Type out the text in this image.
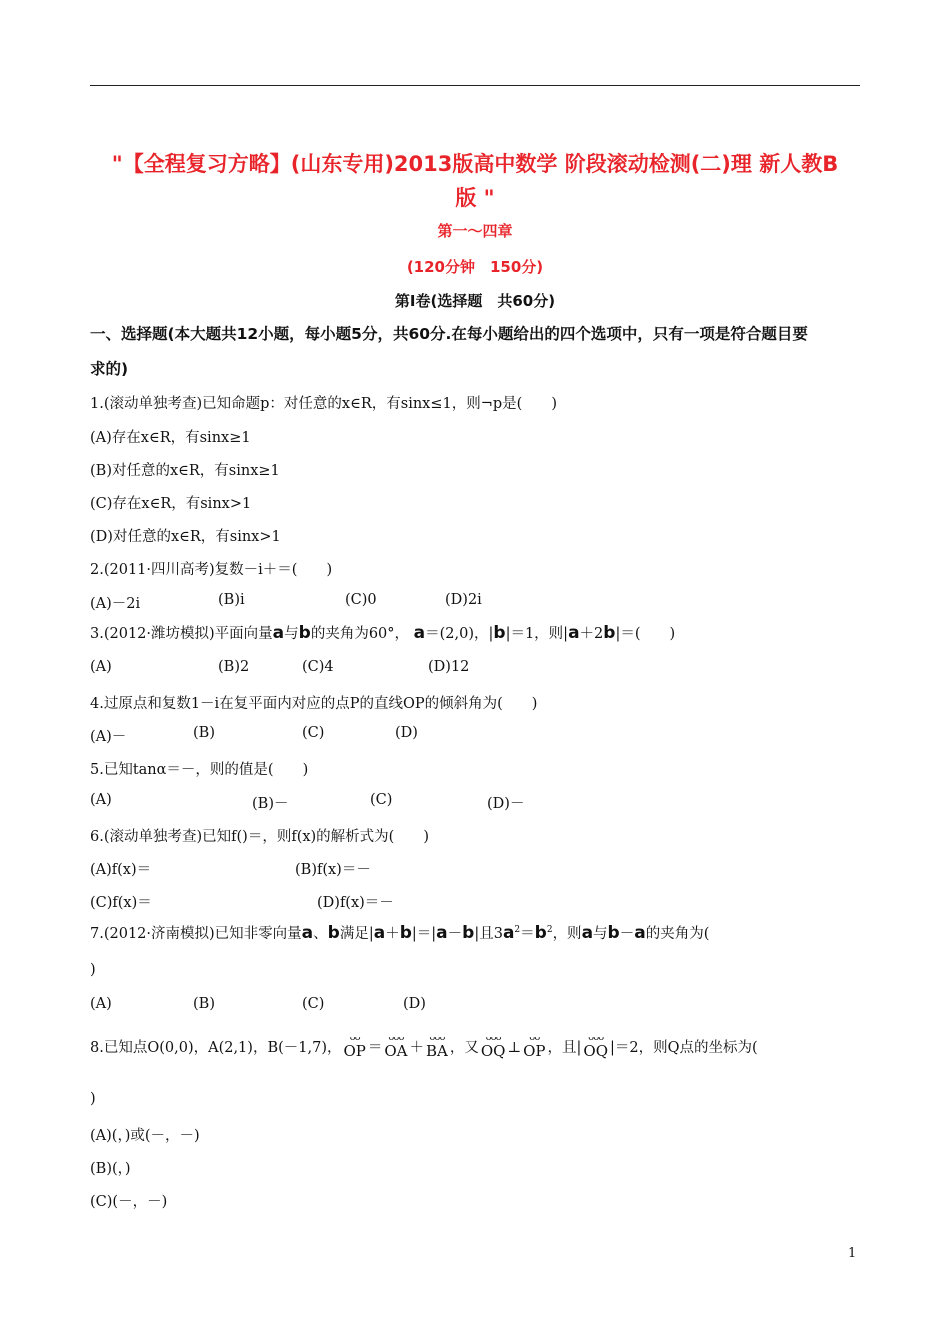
"【全程复习方略】(山东专用)2013版高中数学 阶段滚动检测(二)理 新人教B
版 "
第一～四章
(120分钟　150分)
第Ⅰ卷(选择题　共60分)
一、选择题(本大题共12小题，每小题5分，共60分.在每小题给出的四个选项中，只有一项是符合题目要
求的)
1.(滚动单独考查)已知命题p：对任意的x∈R，有sinx≤1，则¬p是(　　)
(A)存在x∈R，有sinx≥1
(B)对任意的x∈R，有sinx≥1
(C)存在x∈R，有sinx>1
(D)对任意的x∈R，有sinx>1
2.(2011·四川高考)复数－i＋＝(　　)
(A)－2i	(B)i	(C)0	(D)2i
3.(2012·潍坊模拟)平面向量a与b的夹角为60°， a＝(2,0)，|b|＝1，则|a＋2b|＝(　　)
(A)	(B)2	(C)4	(D)12
4.过原点和复数1－i在复平面内对应的点P的直线OP的倾斜角为(　　)
(A)－	(B)	(C)	(D)
5.已知tanα＝－，则的值是(　　)
(A)	(B)－	(C)	(D)－
6.(滚动单独考查)已知f()＝，则f(x)的解析式为(　　)
(A)f(x)＝	(B)f(x)＝－
(C)f(x)＝	(D)f(x)＝－
7.(2012·济南模拟)已知非零向量a、b满足|a＋b|＝|a－b|且$3a^2=b^2$，则a与b－a的夹角为(
)
(A)	(B)	(C)	(D)
8.已知点O(0,0)，A(2,1)，B(－1,7)，
ᴗᴗ
OP ＝
ᴗᴗᴗ
OA ＋
ᴗᴗᴗ
BA ，又
ᴗᴗᴗ
OQ ⊥
ᴗᴗ
OP ，且|
ᴗᴗᴗ
OQ |＝2，则Q点的坐标为(
)
(A)(，)或(－，－)
(B)(，)
(C)(－，－)
1
